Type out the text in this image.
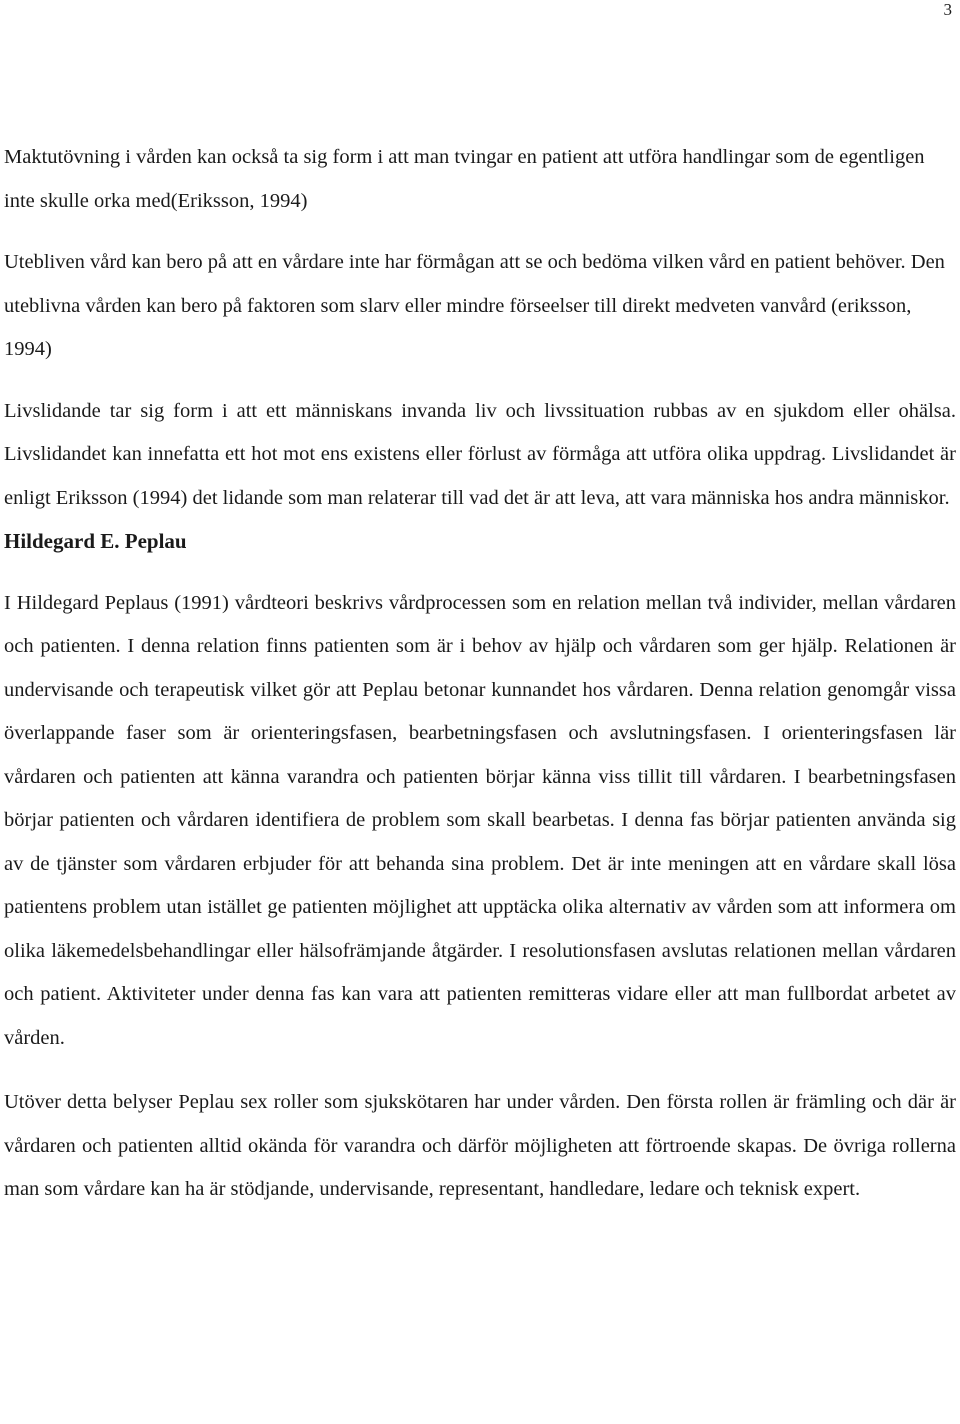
3

Maktutövning i vården kan också ta sig form i att man tvingar en patient att utföra handlingar som de egentligen inte skulle orka med(Eriksson, 1994)

Utebliven vård kan bero på att en vårdare inte har förmågan att se och bedöma vilken vård en patient behöver. Den uteblivna vården kan bero på faktoren som slarv eller mindre förseelser till direkt medveten vanvård (eriksson, 1994)

Livslidande tar sig form i att ett människans invanda liv och livssituation rubbas av en sjukdom eller ohälsa. Livslidandet kan innefatta ett hot mot ens existens eller förlust av förmåga att utföra olika uppdrag. Livslidandet är enligt Eriksson (1994) det lidande som man relaterar till vad det är att leva, att vara människa hos andra människor.

Hildegard E. Peplau

I Hildegard Peplaus (1991) vårdteori beskrivs vårdprocessen som en relation mellan två individer, mellan vårdaren och patienten. I denna relation finns patienten som är i behov av hjälp och vårdaren som ger hjälp. Relationen är undervisande och terapeutisk vilket gör att Peplau betonar kunnandet hos vårdaren. Denna relation genomgår vissa överlappande faser som är orienteringsfasen, bearbetningsfasen och avslutningsfasen. I orienteringsfasen lär vårdaren och patienten att känna varandra och patienten börjar känna viss tillit till vårdaren. I bearbetningsfasen börjar patienten och vårdaren identifiera de problem som skall bearbetas. I denna fas börjar patienten använda sig av de tjänster som vårdaren erbjuder för att behanda sina problem. Det är inte meningen att en vårdare skall lösa patientens problem utan istället ge patienten möjlighet att upptäcka olika alternativ av vården som att informera om olika läkemedelsbehandlingar eller hälsofrämjande åtgärder. I resolutionsfasen avslutas relationen mellan vårdaren och patient. Aktiviteter under denna fas kan vara att patienten remitteras vidare eller att man fullbordat arbetet av vården.

Utöver detta belyser Peplau sex roller som sjukskötaren har under vården. Den första rollen är främling och där är vårdaren och patienten alltid okända för varandra och därför möjligheten att förtroende skapas. De övriga rollerna man som vårdare kan ha är stödjande, undervisande, representant, handledare, ledare och teknisk expert.
